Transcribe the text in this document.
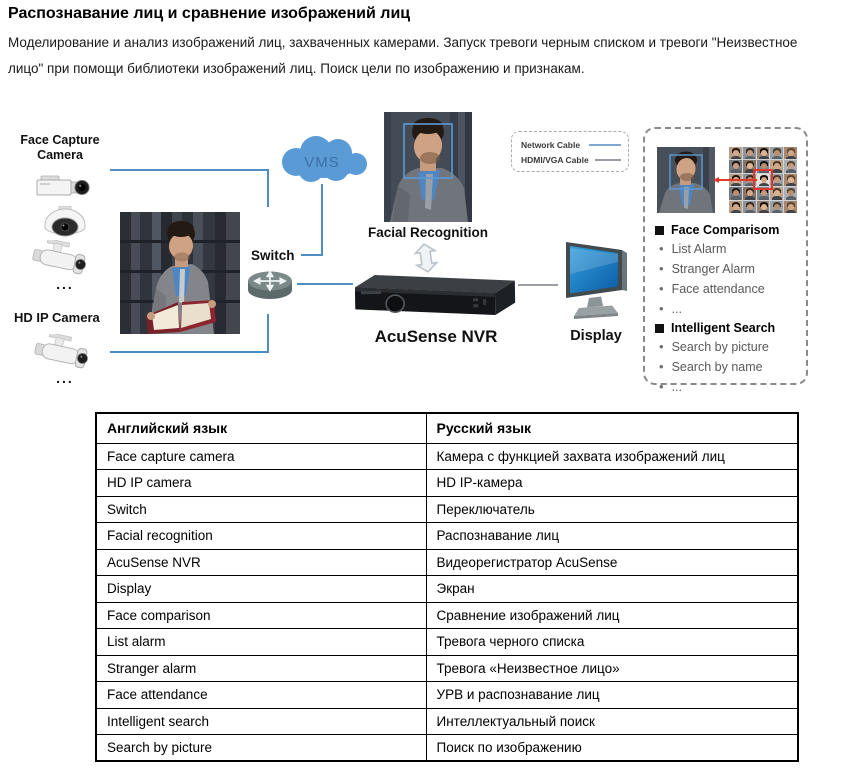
Распознавание лиц и сравнение изображений лиц
Моделирование и анализ изображений лиц, захваченных камерами. Запуск тревоги черным списком и тревоги "Неизвестное лицо" при помощи библиотеки изображений лиц. Поиск цели по изображению и признакам.
Face Capture
Camera
...
HD IP Camera
...
VMS
Switch
Facial Recognition
AcuSense NVR
Network Cable
HDMI/VGA Cable
Display
Face Comparisom
• List Alarm
• Stranger Alarm
• Face attendance
• ...
Intelligent Search
• Search by picture
• Search by name
• ...
Английский язык	Русский язык
Face capture camera	Камера с функцией захвата изображений лиц
HD IP camera	HD IP-камера
Switch	Переключатель
Facial recognition	Распознавание лиц
AcuSense NVR	Видеорегистратор AcuSense
Display	Экран
Face comparison	Сравнение изображений лиц
List alarm	Тревога черного списка
Stranger alarm	Тревога «Неизвестное лицо»
Face attendance	УРВ и распознавание лиц
Intelligent search	Интеллектуальный поиск
Search by picture	Поиск по изображению
